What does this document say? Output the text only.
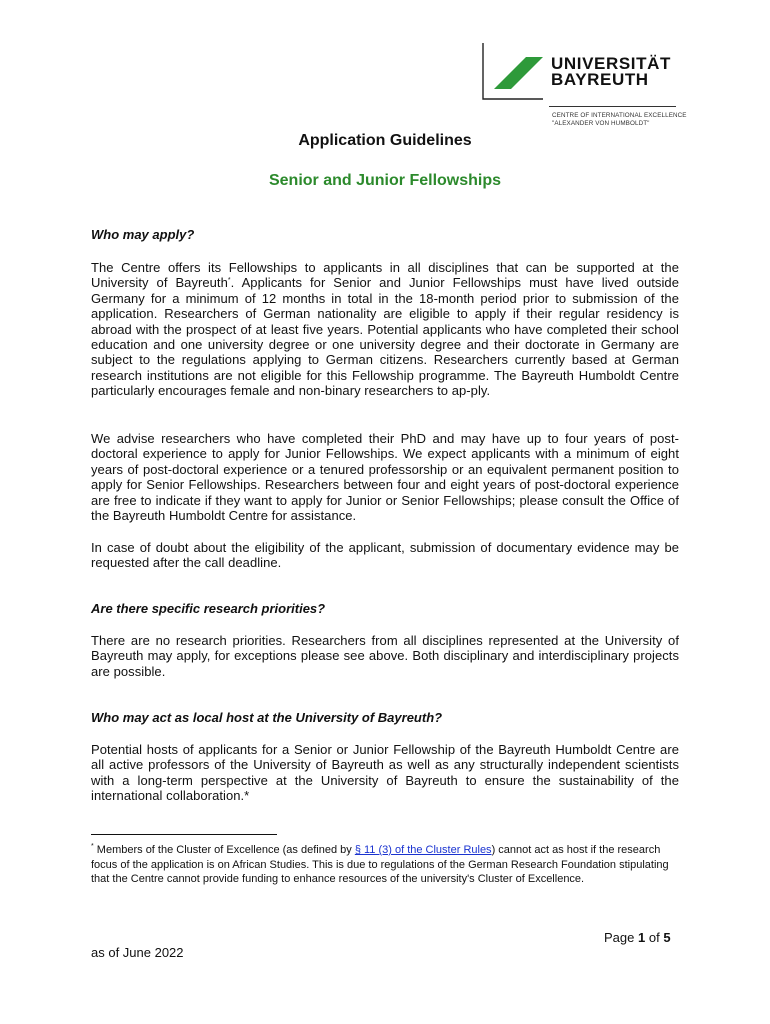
UNIVERSITÄT
BAYREUTH
CENTRE OF INTERNATIONAL EXCELLENCE
"ALEXANDER VON HUMBOLDT"
Application Guidelines
Senior and Junior Fellowships
Who may apply?
The Centre offers its Fellowships to applicants in all disciplines that can be supported at the University of Bayreuth*. Applicants for Senior and Junior Fellowships must have lived outside Germany for a minimum of 12 months in total in the 18-month period prior to submission of the application. Researchers of German nationality are eligible to apply if their regular residency is abroad with the prospect of at least five years. Potential applicants who have completed their school education and one university degree or one university degree and their doctorate in Germany are subject to the regulations applying to German citizens. Researchers currently based at German research institutions are not eligible for this Fellowship programme. The Bayreuth Humboldt Centre particularly encourages female and non-binary researchers to ap-ply.
We advise researchers who have completed their PhD and may have up to four years of post-doctoral experience to apply for Junior Fellowships. We expect applicants with a minimum of eight years of post-doctoral experience or a tenured professorship or an equivalent permanent position to apply for Senior Fellowships. Researchers between four and eight years of post-doctoral experience are free to indicate if they want to apply for Junior or Senior Fellowships; please consult the Office of the Bayreuth Humboldt Centre for assistance.
In case of doubt about the eligibility of the applicant, submission of documentary evidence may be requested after the call deadline.
Are there specific research priorities?
There are no research priorities. Researchers from all disciplines represented at the University of Bayreuth may apply, for exceptions please see above. Both disciplinary and interdisciplinary projects are possible.
Who may act as local host at the University of Bayreuth?
Potential hosts of applicants for a Senior or Junior Fellowship of the Bayreuth Humboldt Centre are all active professors of the University of Bayreuth as well as any structurally independent scientists with a long-term perspective at the University of Bayreuth to ensure the sustainability of the international collaboration.*
* Members of the Cluster of Excellence (as defined by § 11 (3) of the Cluster Rules) cannot act as host if the research focus of the application is on African Studies. This is due to regulations of the German Research Foundation stipulating that the Centre cannot provide funding to enhance resources of the university's Cluster of Excellence.
Page 1 of 5
as of June 2022
